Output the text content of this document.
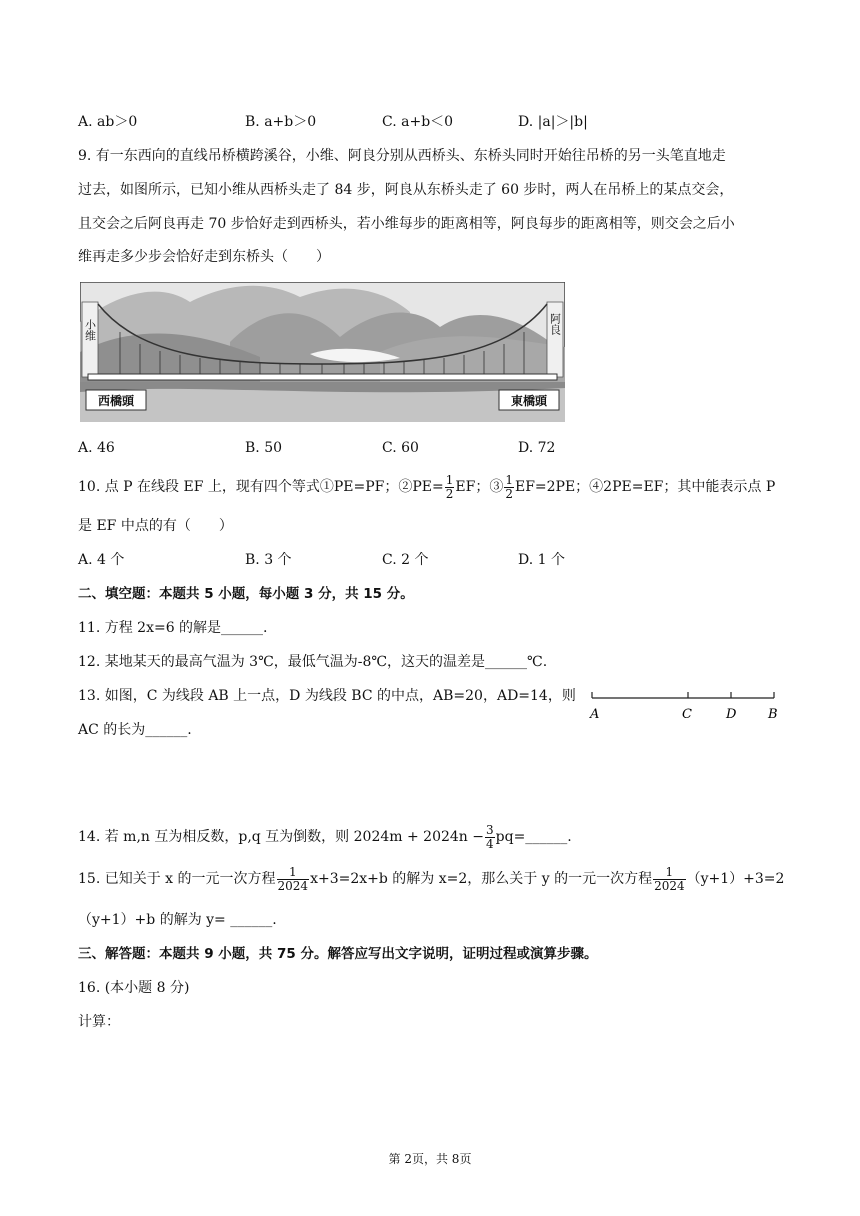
A. ab＞0	B. a+b＞0	C. a+b＜0	D. |a|＞|b|
9. 有一东西向的直线吊桥横跨溪谷，小维、阿良分别从西桥头、东桥头同时开始往吊桥的另一头笔直地走
过去，如图所示，已知小维从西桥头走了 84 步，阿良从东桥头走了 60 步时，两人在吊桥上的某点交会，
且交会之后阿良再走 70 步恰好走到西桥头，若小维每步的距离相等，阿良每步的距离相等，则交会之后小
维再走多少步会恰好走到东桥头（　　）
小维	阿良
西橋頭	東橋頭
A. 46	B. 50	C. 60	D. 72
10. 点 P 在线段 EF 上，现有四个等式①PE=PF；②PE= $\frac{1}{2}$ EF；③ $\frac{1}{2} EF=2PE$；④2PE=EF；其中能表示点 P
是 EF 中点的有（　　）
A. 4 个	B. 3 个	C. 2 个	D. 1 个
二、填空题：本题共 5 小题，每小题 3 分，共 15 分。
11. 方程 2x=6 的解是______.
12. 某地某天的最高气温为 3℃，最低气温为-8℃，这天的温差是______℃.
13. 如图，C 为线段 AB 上一点，D 为线段 BC 的中点，AB=20，AD=14，则
AC 的长为______.
A	C	D B
14. 若 m,n 互为相反数，p,q 互为倒数，则 $2024m + 2024n - \frac{3}{4}$ pq=______.
15. 已知关于 x 的一元一次方程 $\frac{1}{2024} x+3=2x+b$ 的解为 x=2，那么关于 y 的一元一次方程 $\frac{1}{2024} (y+1)+3=2$
（y+1）+b 的解为 y= ______.
三、解答题：本题共 9 小题，共 75 分。解答应写出文字说明，证明过程或演算步骤。
16. (本小题 8 分)
计算：
第 2页，共 8页
